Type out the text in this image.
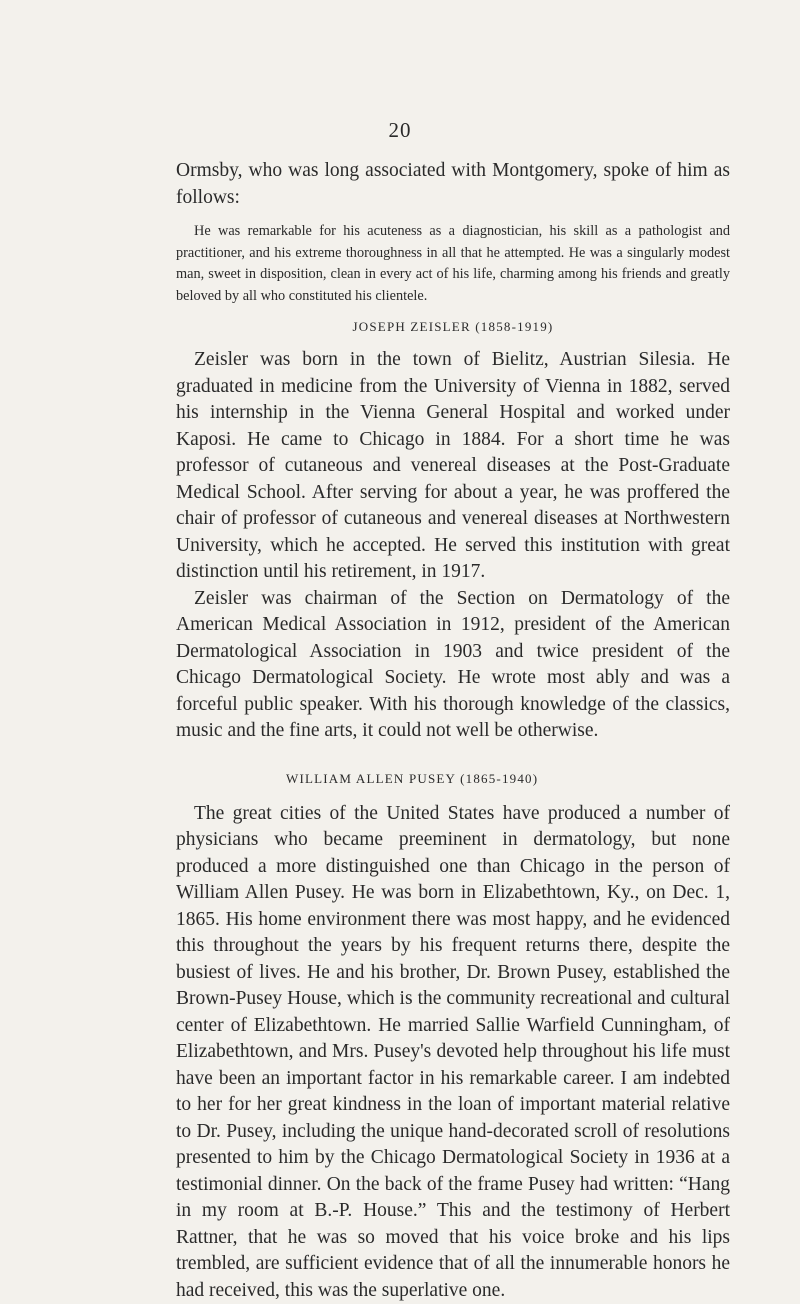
20

Ormsby, who was long associated with Montgomery, spoke of him as follows:

He was remarkable for his acuteness as a diagnostician, his skill as a pathologist and practitioner, and his extreme thoroughness in all that he attempted. He was a singularly modest man, sweet in disposition, clean in every act of his life, charming among his friends and greatly beloved by all who constituted his clientele.

JOSEPH ZEISLER (1858-1919)

Zeisler was born in the town of Bielitz, Austrian Silesia. He graduated in medicine from the University of Vienna in 1882, served his internship in the Vienna General Hospital and worked under Kaposi. He came to Chicago in 1884. For a short time he was professor of cutaneous and venereal diseases at the Post-Graduate Medical School. After serving for about a year, he was proffered the chair of professor of cutaneous and venereal diseases at Northwestern University, which he accepted. He served this institution with great distinction until his retirement, in 1917.

Zeisler was chairman of the Section on Dermatology of the American Medical Association in 1912, president of the American Dermatological Association in 1903 and twice president of the Chicago Dermatological Society. He wrote most ably and was a forceful public speaker. With his thorough knowledge of the classics, music and the fine arts, it could not well be otherwise.

WILLIAM ALLEN PUSEY (1865-1940)

The great cities of the United States have produced a number of physicians who became preeminent in dermatology, but none produced a more distinguished one than Chicago in the person of William Allen Pusey. He was born in Elizabethtown, Ky., on Dec. 1, 1865. His home environment there was most happy, and he evidenced this throughout the years by his frequent returns there, despite the busiest of lives. He and his brother, Dr. Brown Pusey, established the Brown-Pusey House, which is the community recreational and cultural center of Elizabethtown. He married Sallie Warfield Cunningham, of Elizabethtown, and Mrs. Pusey's devoted help throughout his life must have been an important factor in his remarkable career. I am indebted to her for her great kindness in the loan of important material relative to Dr. Pusey, including the unique hand-decorated scroll of resolutions presented to him by the Chicago Dermatological Society in 1936 at a testimonial dinner. On the back of the frame Pusey had written: “Hang in my room at B.-P. House.” This and the testimony of Herbert Rattner, that he was so moved that his voice broke and his lips trembled, are sufficient evidence that of all the innumerable honors he had received, this was the superlative one.
